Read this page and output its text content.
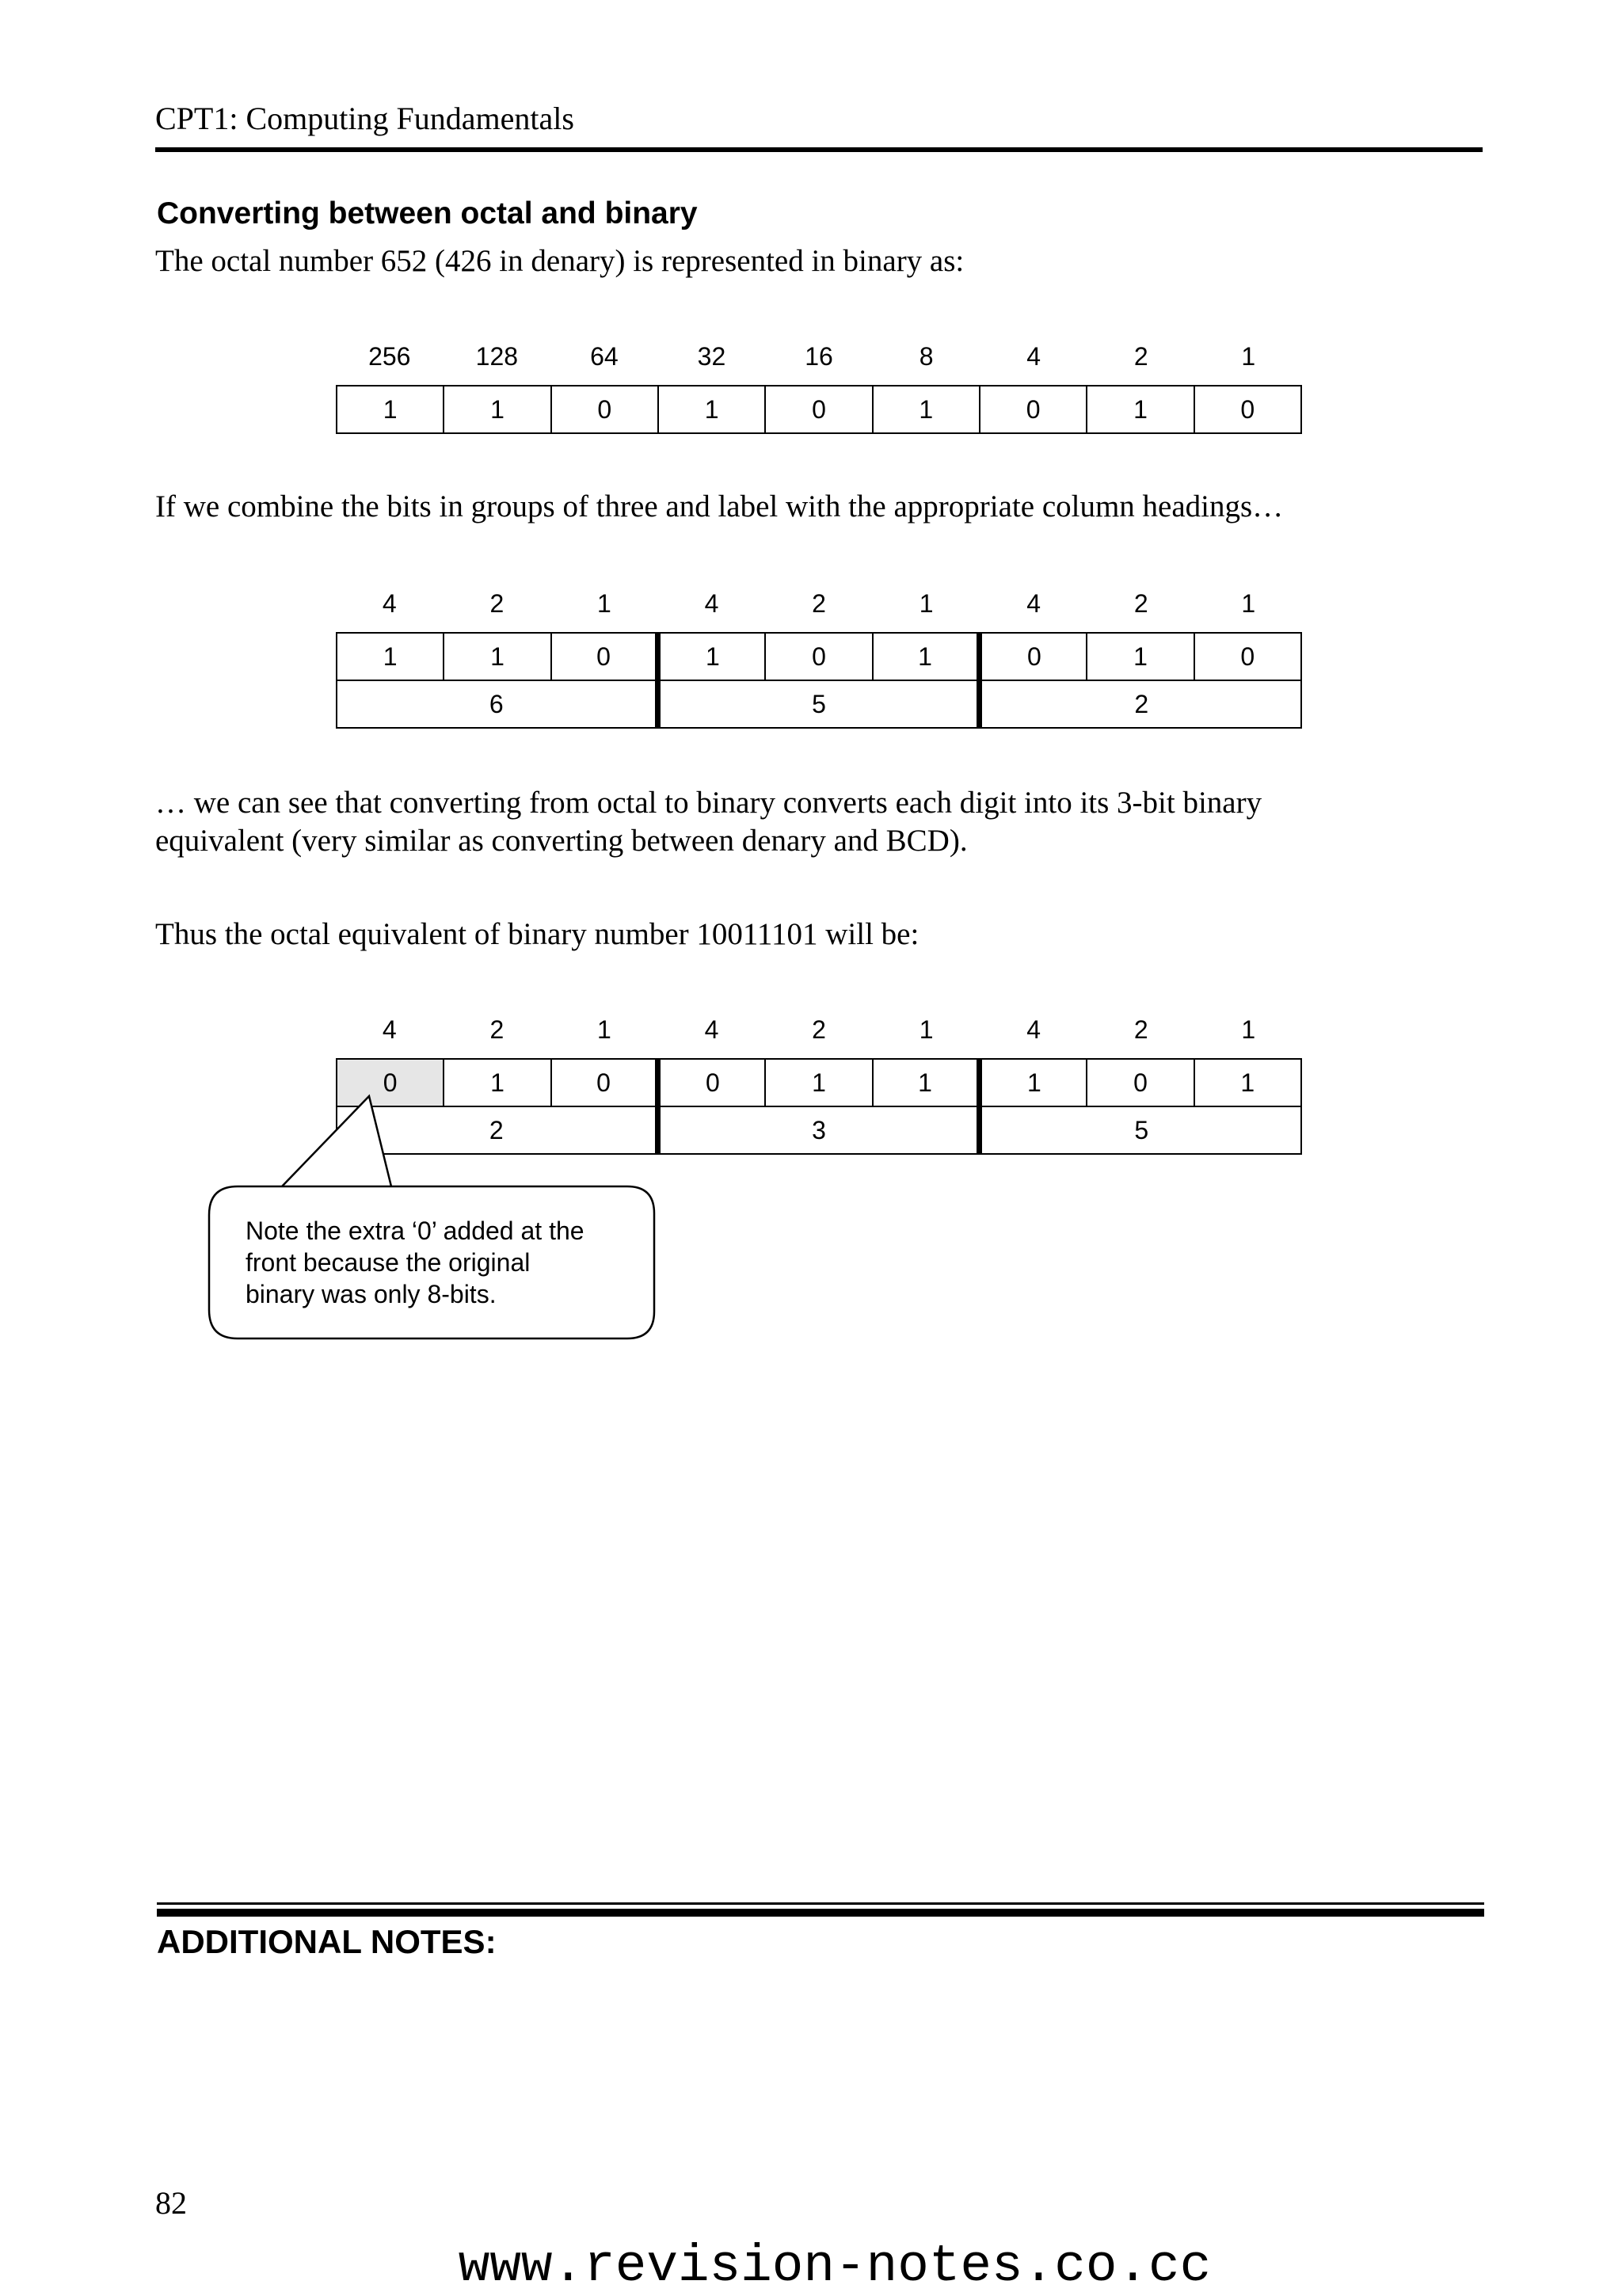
CPT1: Computing Fundamentals
Converting between octal and binary
The octal number 652 (426 in denary) is represented in binary as:
256	128	64	32	16	8	4	2	1
1	1	0	1	0	1	0	1	0
If we combine the bits in groups of three and label with the appropriate column headings…
4	2	1	4	2	1	4	2	1
1	1	0	1	0	1	0	1	0
6			5			2		
… we can see that converting from octal to binary converts each digit into its 3-bit binary
equivalent (very similar as converting between denary and BCD).
Thus the octal equivalent of binary number 10011101 will be:
4	2	1	4	2	1	4	2	1
0	1	0	0	1	1	1	0	1
2			3			5		
Note the extra ‘0’ added at the
front because the original
binary was only 8-bits.
ADDITIONAL NOTES:
82
www.revision-notes.co.cc
